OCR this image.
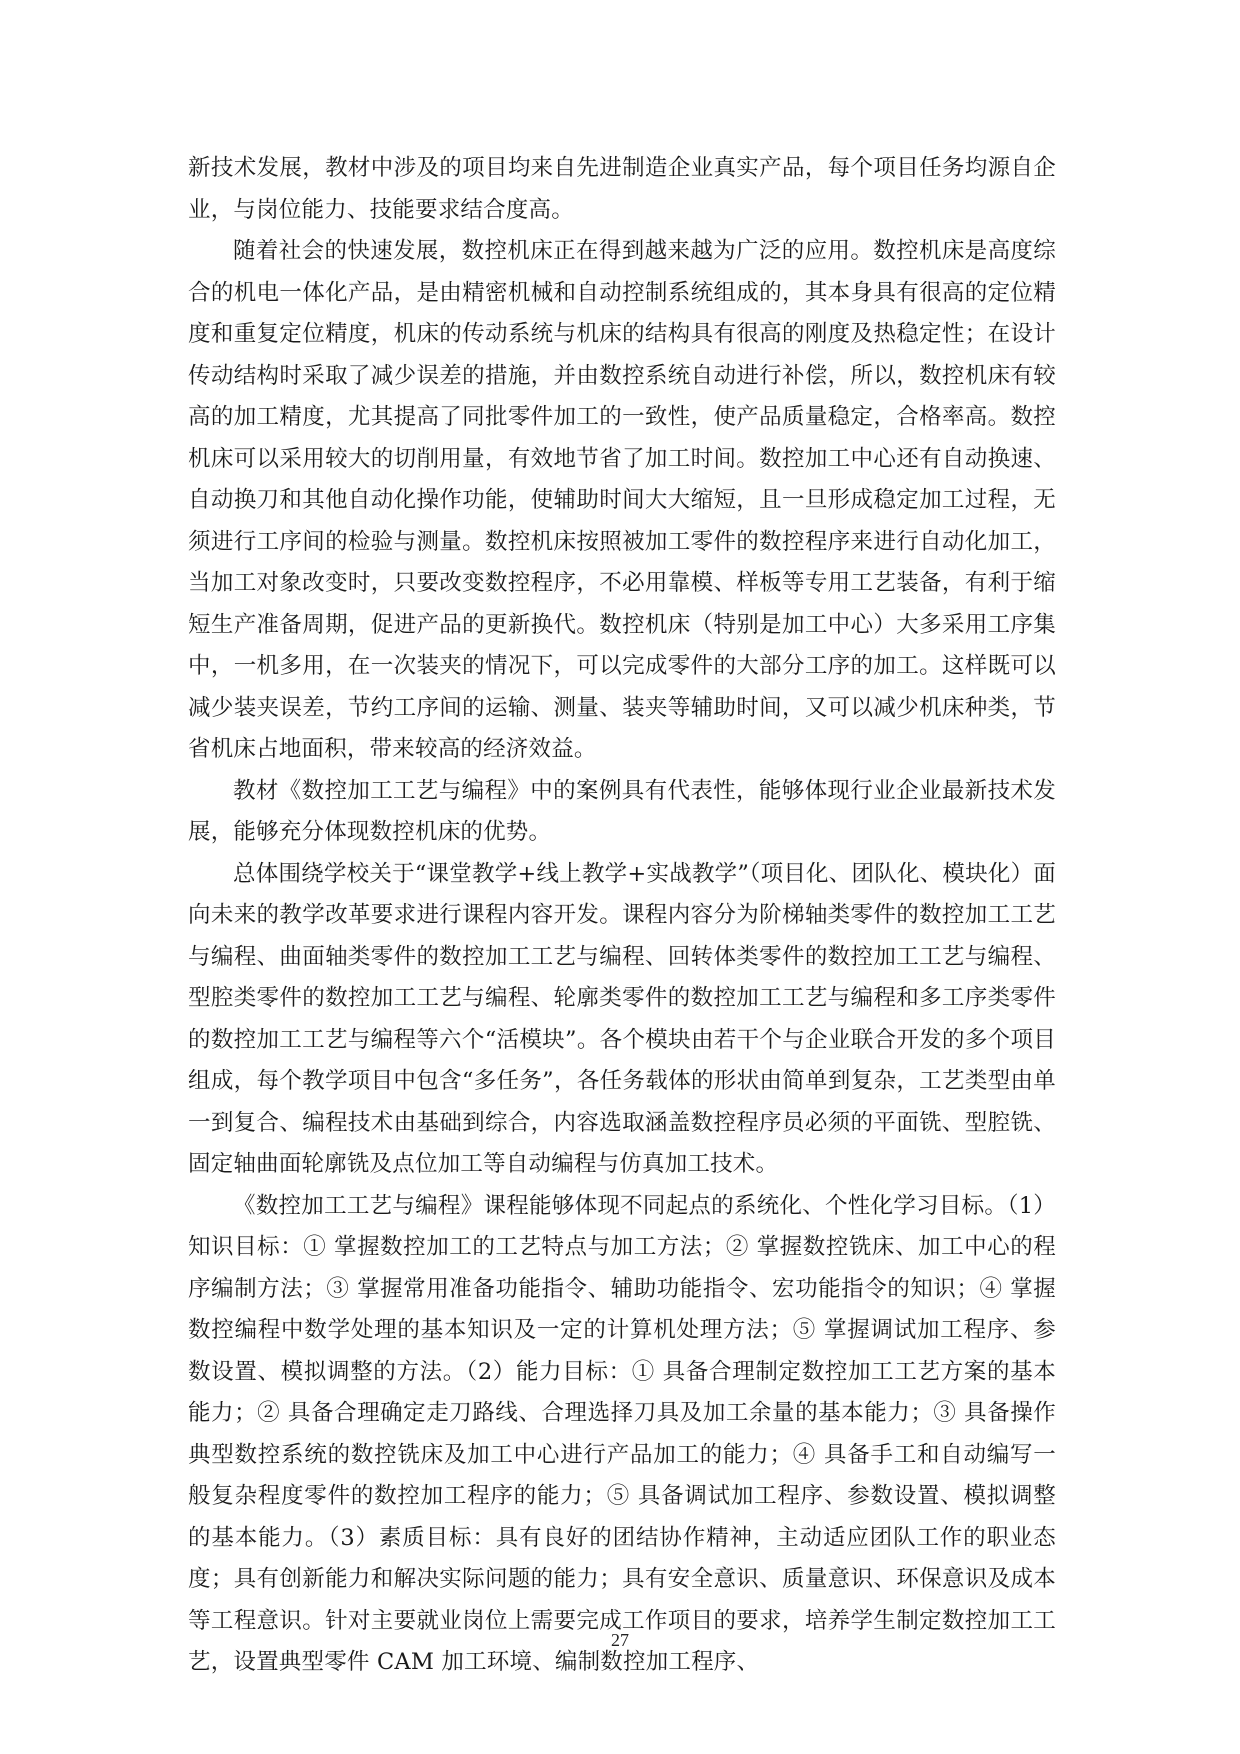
新技术发展，教材中涉及的项目均来自先进制造企业真实产品，每个项目任务均源自企业，与岗位能力、技能要求结合度高。

随着社会的快速发展，数控机床正在得到越来越为广泛的应用。数控机床是高度综合的机电一体化产品，是由精密机械和自动控制系统组成的，其本身具有很高的定位精度和重复定位精度，机床的传动系统与机床的结构具有很高的刚度及热稳定性；在设计传动结构时采取了减少误差的措施，并由数控系统自动进行补偿，所以，数控机床有较高的加工精度，尤其提高了同批零件加工的一致性，使产品质量稳定，合格率高。数控机床可以采用较大的切削用量，有效地节省了加工时间。数控加工中心还有自动换速、自动换刀和其他自动化操作功能，使辅助时间大大缩短，且一旦形成稳定加工过程，无须进行工序间的检验与测量。数控机床按照被加工零件的数控程序来进行自动化加工，当加工对象改变时，只要改变数控程序，不必用靠模、样板等专用工艺装备，有利于缩短生产准备周期，促进产品的更新换代。数控机床（特别是加工中心）大多采用工序集中，一机多用，在一次装夹的情况下，可以完成零件的大部分工序的加工。这样既可以减少装夹误差，节约工序间的运输、测量、装夹等辅助时间，又可以减少机床种类，节省机床占地面积，带来较高的经济效益。

教材《数控加工工艺与编程》中的案例具有代表性，能够体现行业企业最新技术发展，能够充分体现数控机床的优势。

总体围绕学校关于“课堂教学+线上教学+实战教学”（项目化、团队化、模块化）面向未来的教学改革要求进行课程内容开发。课程内容分为阶梯轴类零件的数控加工工艺与编程、曲面轴类零件的数控加工工艺与编程、回转体类零件的数控加工工艺与编程、型腔类零件的数控加工工艺与编程、轮廓类零件的数控加工工艺与编程和多工序类零件的数控加工工艺与编程等六个“活模块”。各个模块由若干个与企业联合开发的多个项目组成，每个教学项目中包含“多任务”，各任务载体的形状由简单到复杂，工艺类型由单一到复合、编程技术由基础到综合，内容选取涵盖数控程序员必须的平面铣、型腔铣、固定轴曲面轮廓铣及点位加工等自动编程与仿真加工技术。

《数控加工工艺与编程》课程能够体现不同起点的系统化、个性化学习目标。（1）知识目标：① 掌握数控加工的工艺特点与加工方法；② 掌握数控铣床、加工中心的程序编制方法；③ 掌握常用准备功能指令、辅助功能指令、宏功能指令的知识；④ 掌握数控编程中数学处理的基本知识及一定的计算机处理方法；⑤ 掌握调试加工程序、参数设置、模拟调整的方法。（2）能力目标：① 具备合理制定数控加工工艺方案的基本能力；② 具备合理确定走刀路线、合理选择刀具及加工余量的基本能力；③ 具备操作典型数控系统的数控铣床及加工中心进行产品加工的能力；④ 具备手工和自动编写一般复杂程度零件的数控加工程序的能力；⑤ 具备调试加工程序、参数设置、模拟调整的基本能力。（3）素质目标：具有良好的团结协作精神，主动适应团队工作的职业态度；具有创新能力和解决实际问题的能力；具有安全意识、质量意识、环保意识及成本等工程意识。针对主要就业岗位上需要完成工作项目的要求，培养学生制定数控加工工艺，设置典型零件 CAM 加工环境、编制数控加工程序、

27
